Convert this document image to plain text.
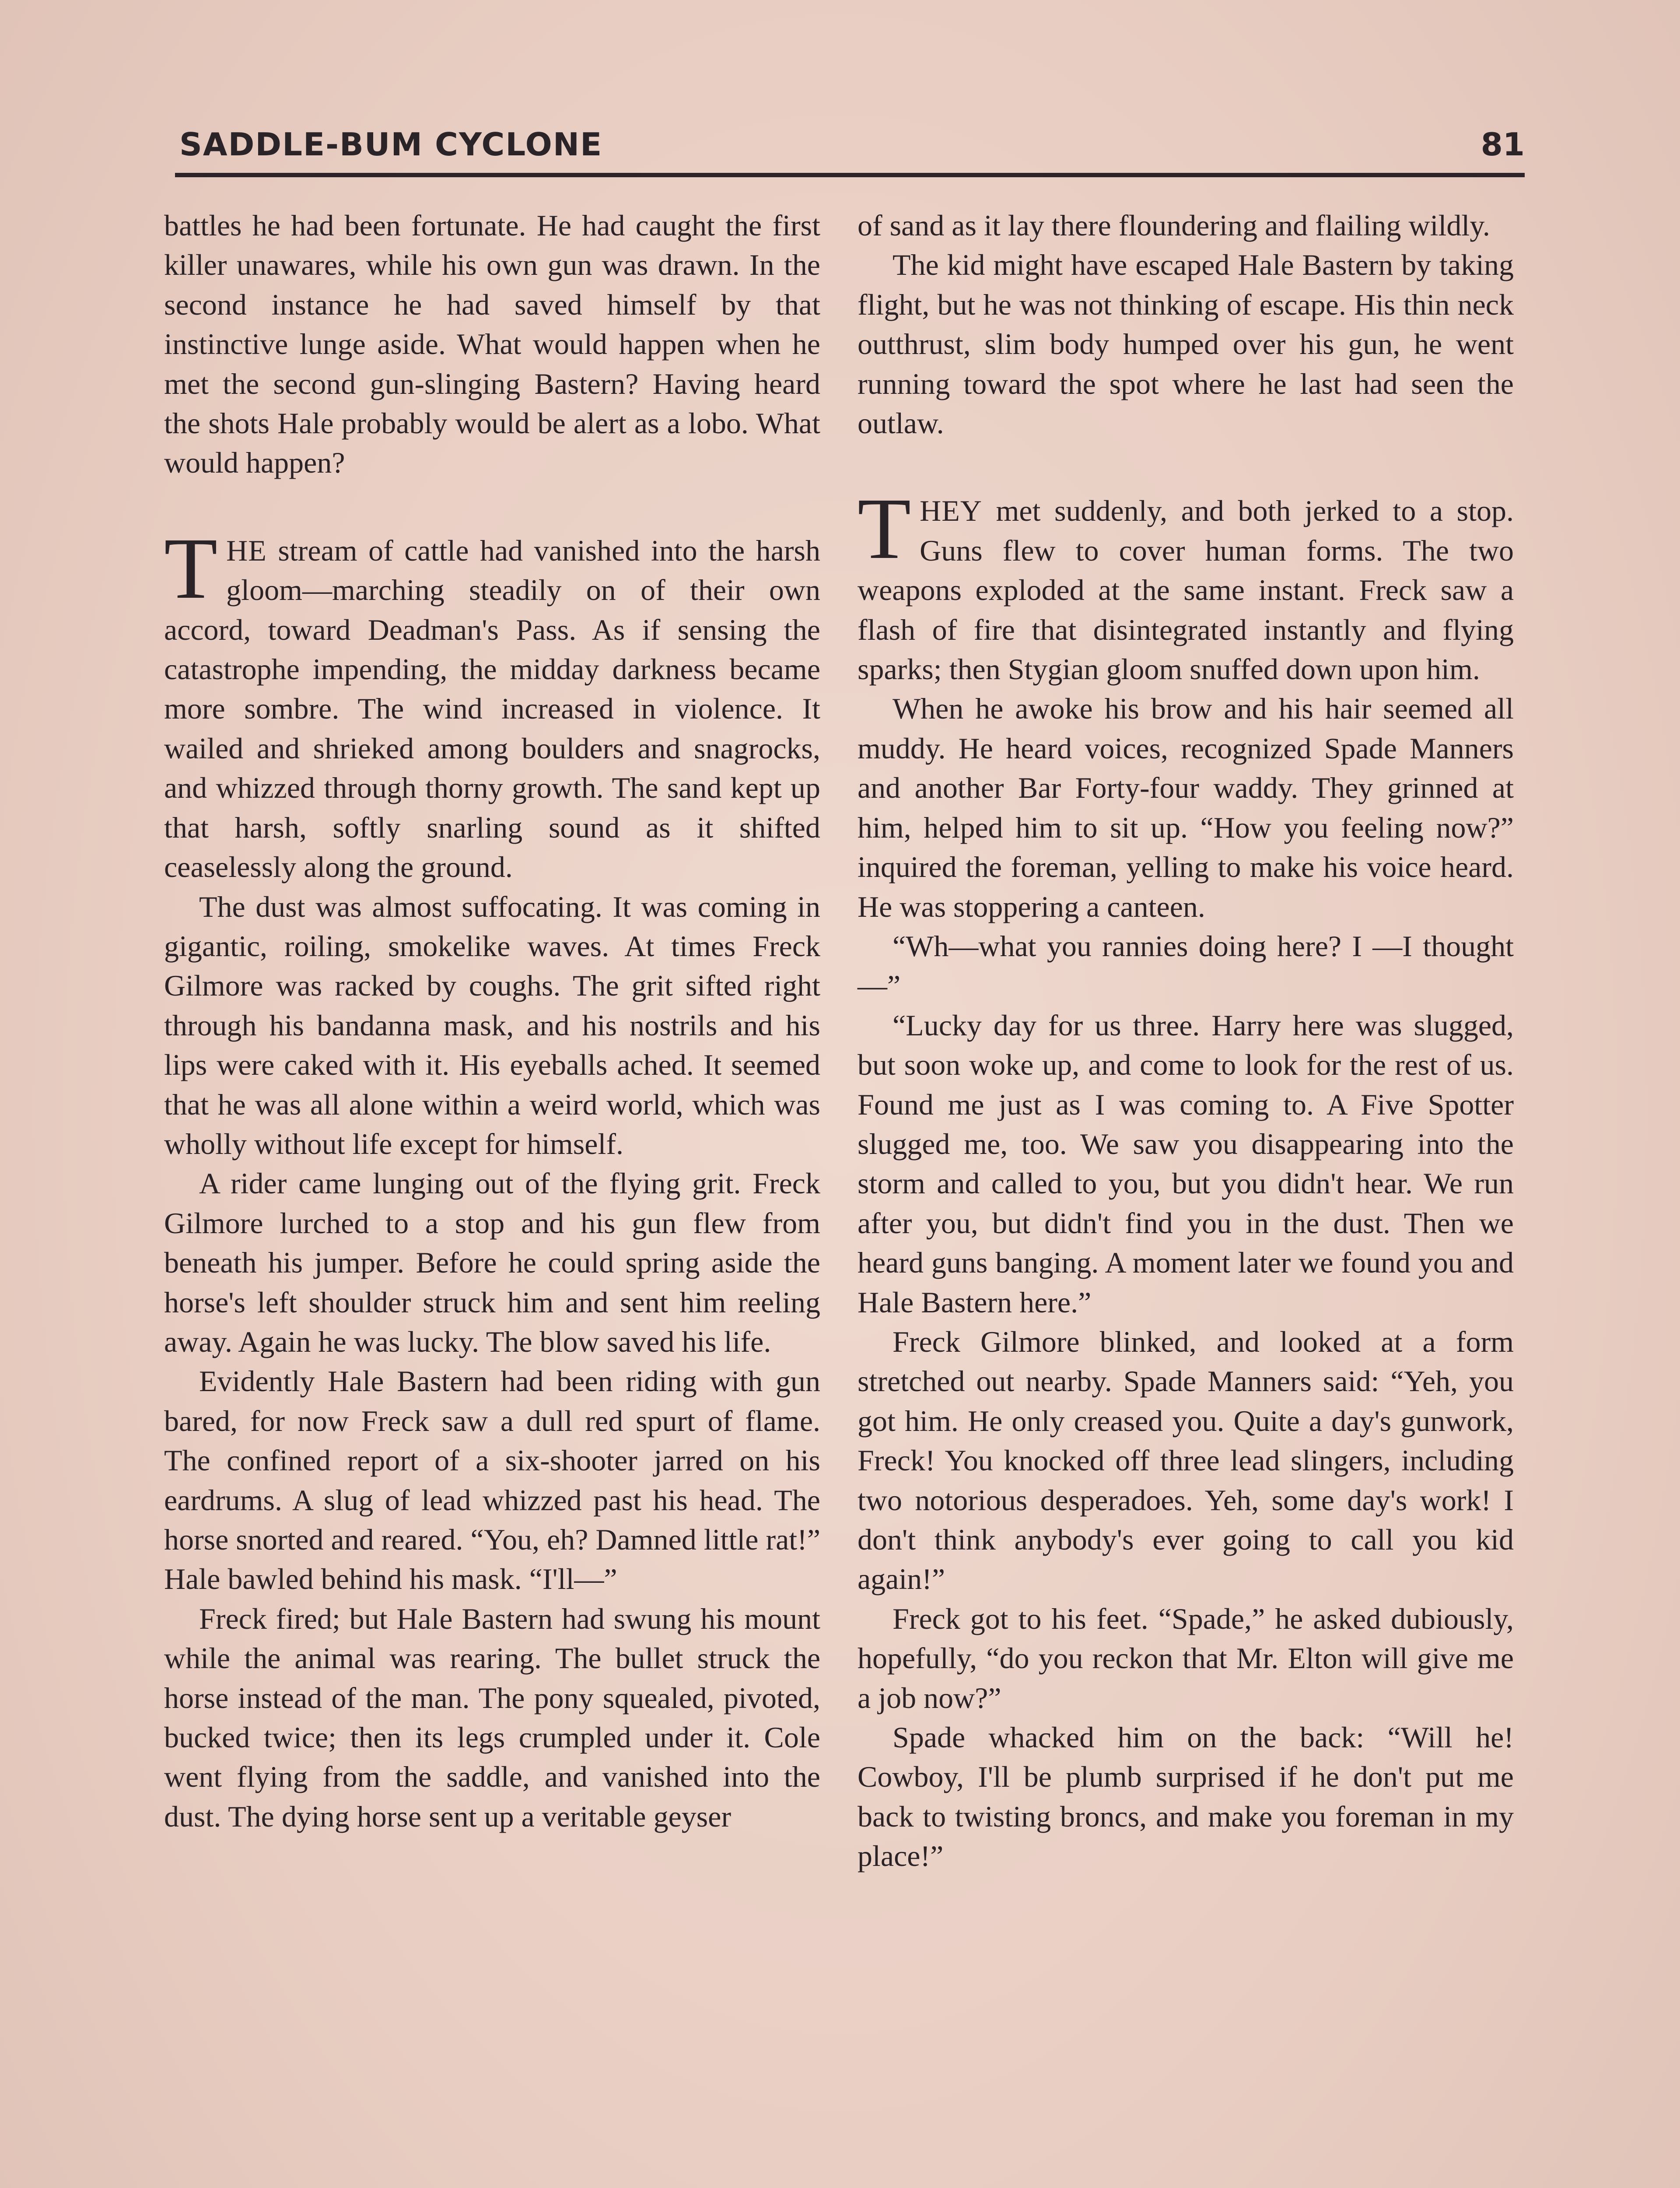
SADDLE-BUM CYCLONE	81

battles he had been fortunate. He had caught the first killer unawares, while his own gun was drawn. In the second instance he had saved himself by that instinctive lunge aside. What would happen when he met the second gun-slinging Bastern? Having heard the shots Hale probably would be alert as a lobo. What would happen?

THE stream of cattle had vanished into the harsh gloom—marching steadily on of their own accord, toward Deadman's Pass. As if sensing the catastrophe impending, the midday darkness became more sombre. The wind increased in violence. It wailed and shrieked among boulders and snagrocks, and whizzed through thorny growth. The sand kept up that harsh, softly snarling sound as it shifted ceaselessly along the ground.

The dust was almost suffocating. It was coming in gigantic, roiling, smokelike waves. At times Freck Gilmore was racked by coughs. The grit sifted right through his bandanna mask, and his nostrils and his lips were caked with it. His eyeballs ached. It seemed that he was all alone within a weird world, which was wholly without life except for himself.

A rider came lunging out of the flying grit. Freck Gilmore lurched to a stop and his gun flew from beneath his jumper. Before he could spring aside the horse's left shoulder struck him and sent him reeling away. Again he was lucky. The blow saved his life.

Evidently Hale Bastern had been riding with gun bared, for now Freck saw a dull red spurt of flame. The confined report of a six-shooter jarred on his eardrums. A slug of lead whizzed past his head. The horse snorted and reared. “You, eh? Damned little rat!” Hale bawled behind his mask. “I'll—”

Freck fired; but Hale Bastern had swung his mount while the animal was rearing. The bullet struck the horse instead of the man. The pony squealed, pivoted, bucked twice; then its legs crumpled under it. Cole went flying from the saddle, and vanished into the dust. The dying horse sent up a veritable geyser

of sand as it lay there floundering and flailing wildly.

The kid might have escaped Hale Bastern by taking flight, but he was not thinking of escape. His thin neck outthrust, slim body humped over his gun, he went running toward the spot where he last had seen the outlaw.

THEY met suddenly, and both jerked to a stop. Guns flew to cover human forms. The two weapons exploded at the same instant. Freck saw a flash of fire that disintegrated instantly and flying sparks; then Stygian gloom snuffed down upon him.

When he awoke his brow and his hair seemed all muddy. He heard voices, recognized Spade Manners and another Bar Forty-four waddy. They grinned at him, helped him to sit up. “How you feeling now?” inquired the foreman, yelling to make his voice heard. He was stoppering a canteen.

“Wh—what you rannies doing here? I —I thought—”

“Lucky day for us three. Harry here was slugged, but soon woke up, and come to look for the rest of us. Found me just as I was coming to. A Five Spotter slugged me, too. We saw you disappearing into the storm and called to you, but you didn't hear. We run after you, but didn't find you in the dust. Then we heard guns banging. A moment later we found you and Hale Bastern here.”

Freck Gilmore blinked, and looked at a form stretched out nearby. Spade Manners said: “Yeh, you got him. He only creased you. Quite a day's gunwork, Freck! You knocked off three lead slingers, including two notorious desperadoes. Yeh, some day's work! I don't think anybody's ever going to call you kid again!”

Freck got to his feet. “Spade,” he asked dubiously, hopefully, “do you reckon that Mr. Elton will give me a job now?”

Spade whacked him on the back: “Will he! Cowboy, I'll be plumb surprised if he don't put me back to twisting broncs, and make you foreman in my place!”
